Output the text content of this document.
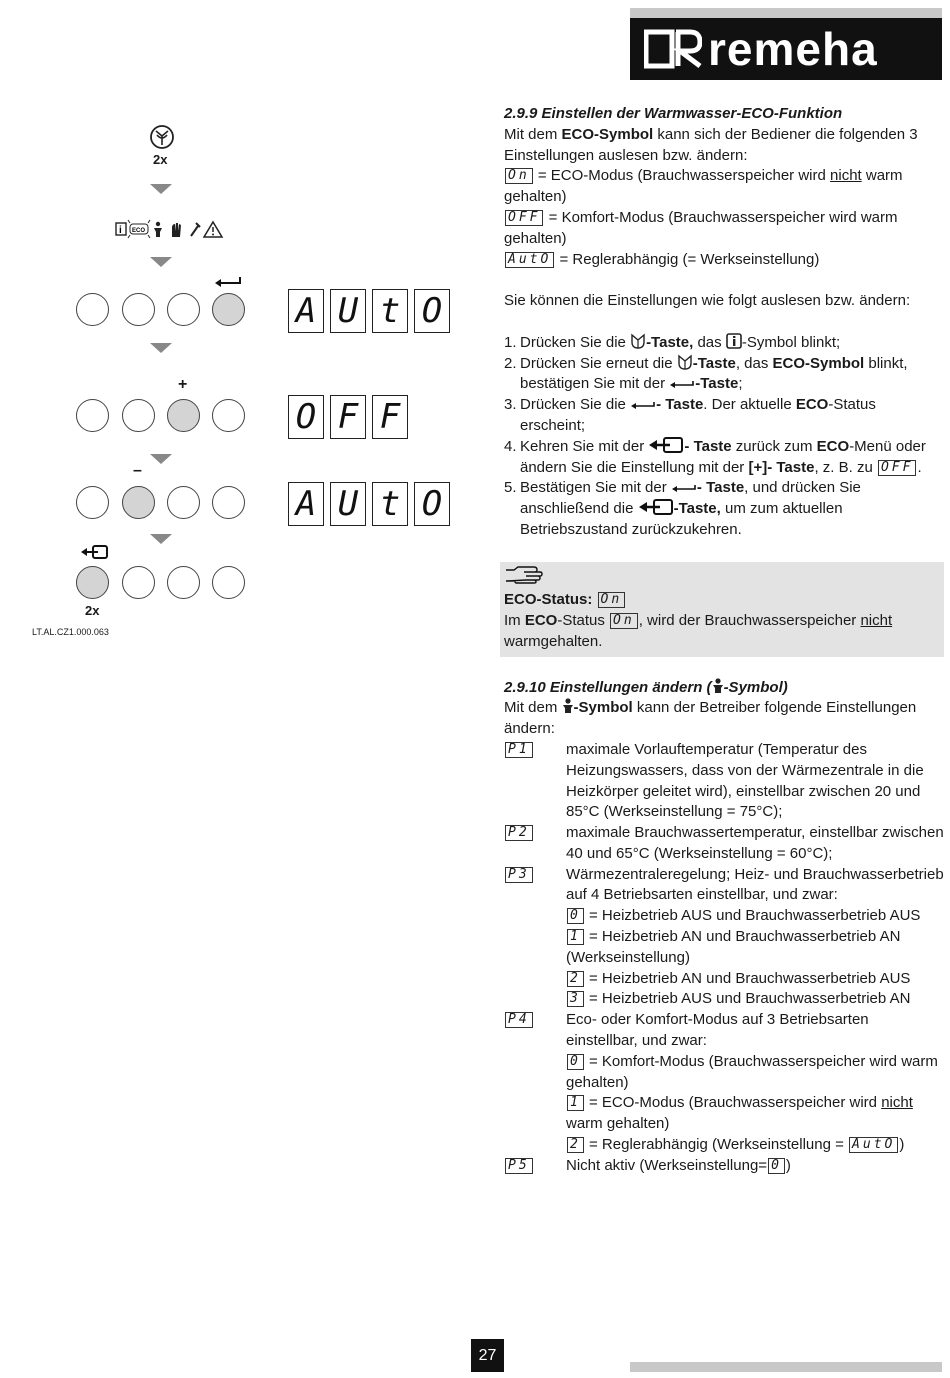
remeha
2x
i ECO
A U t O
+
O F F
–
A U t O
2x
LT.AL.CZ1.000.063

2.9.9 Einstellen der Warmwasser-ECO-Funktion

Mit dem ECO-Symbol kann sich der Bediener die folgenden 3 Einstellungen auslesen bzw. ändern:

On = ECO-Modus (Brauchwasserspeicher wird nicht warm gehalten)

OFF = Komfort-Modus (Brauchwasserspeicher wird warm gehalten)

AutO = Reglerabhängig (= Werkseinstellung)

Sie können die Einstellungen wie folgt auslesen bzw. ändern:

1. Drücken Sie die -Taste, das -Symbol blinkt;
2. Drücken Sie erneut die -Taste, das ECO-Symbol blinkt, bestätigen Sie mit der -Taste;
3. Drücken Sie die - Taste. Der aktuelle ECO-Status erscheint;
4. Kehren Sie mit der - Taste zurück zum ECO-Menü oder ändern Sie die Einstellung mit der [+]- Taste, z. B. zu OFF .
5. Bestätigen Sie mit der - Taste, und drücken Sie anschließend die -Taste, um zum aktuellen Betriebszustand zurückzukehren.

ECO-Status: On

Im ECO-Status On , wird der Brauchwasserspeicher nicht warmgehalten.

2.9.10 Einstellungen ändern ( -Symbol)

Mit dem -Symbol kann der Betreiber folgende Einstellungen ändern:

P1	maximale Vorlauftemperatur (Temperatur des Heizungswassers, dass von der Wärmezentrale in die Heizkörper geleitet wird), einstellbar zwischen 20 und 85°C (Werkseinstellung = 75°C);
P2	maximale Brauchwassertemperatur, einstellbar zwischen 40 und 65°C (Werkseinstellung = 60°C);
P3	Wärmezentraleregelung; Heiz- und Brauchwasserbetrieb auf 4 Betriebsarten einstellbar, und zwar:
0 = Heizbetrieb AUS und Brauchwasserbetrieb AUS
1 = Heizbetrieb AN und Brauchwasserbetrieb AN (Werkseinstellung)
2 = Heizbetrieb AN und Brauchwasserbetrieb AUS
3 = Heizbetrieb AUS und Brauchwasserbetrieb AN
P4	Eco- oder Komfort-Modus auf 3 Betriebsarten einstellbar, und zwar:
0 = Komfort-Modus (Brauchwasserspeicher wird warm gehalten)
1 = ECO-Modus (Brauchwasserspeicher wird nicht warm gehalten)
2 = Reglerabhängig (Werkseinstellung = AutO )
P5	Nicht aktiv (Werkseinstellung= 0 )
27
